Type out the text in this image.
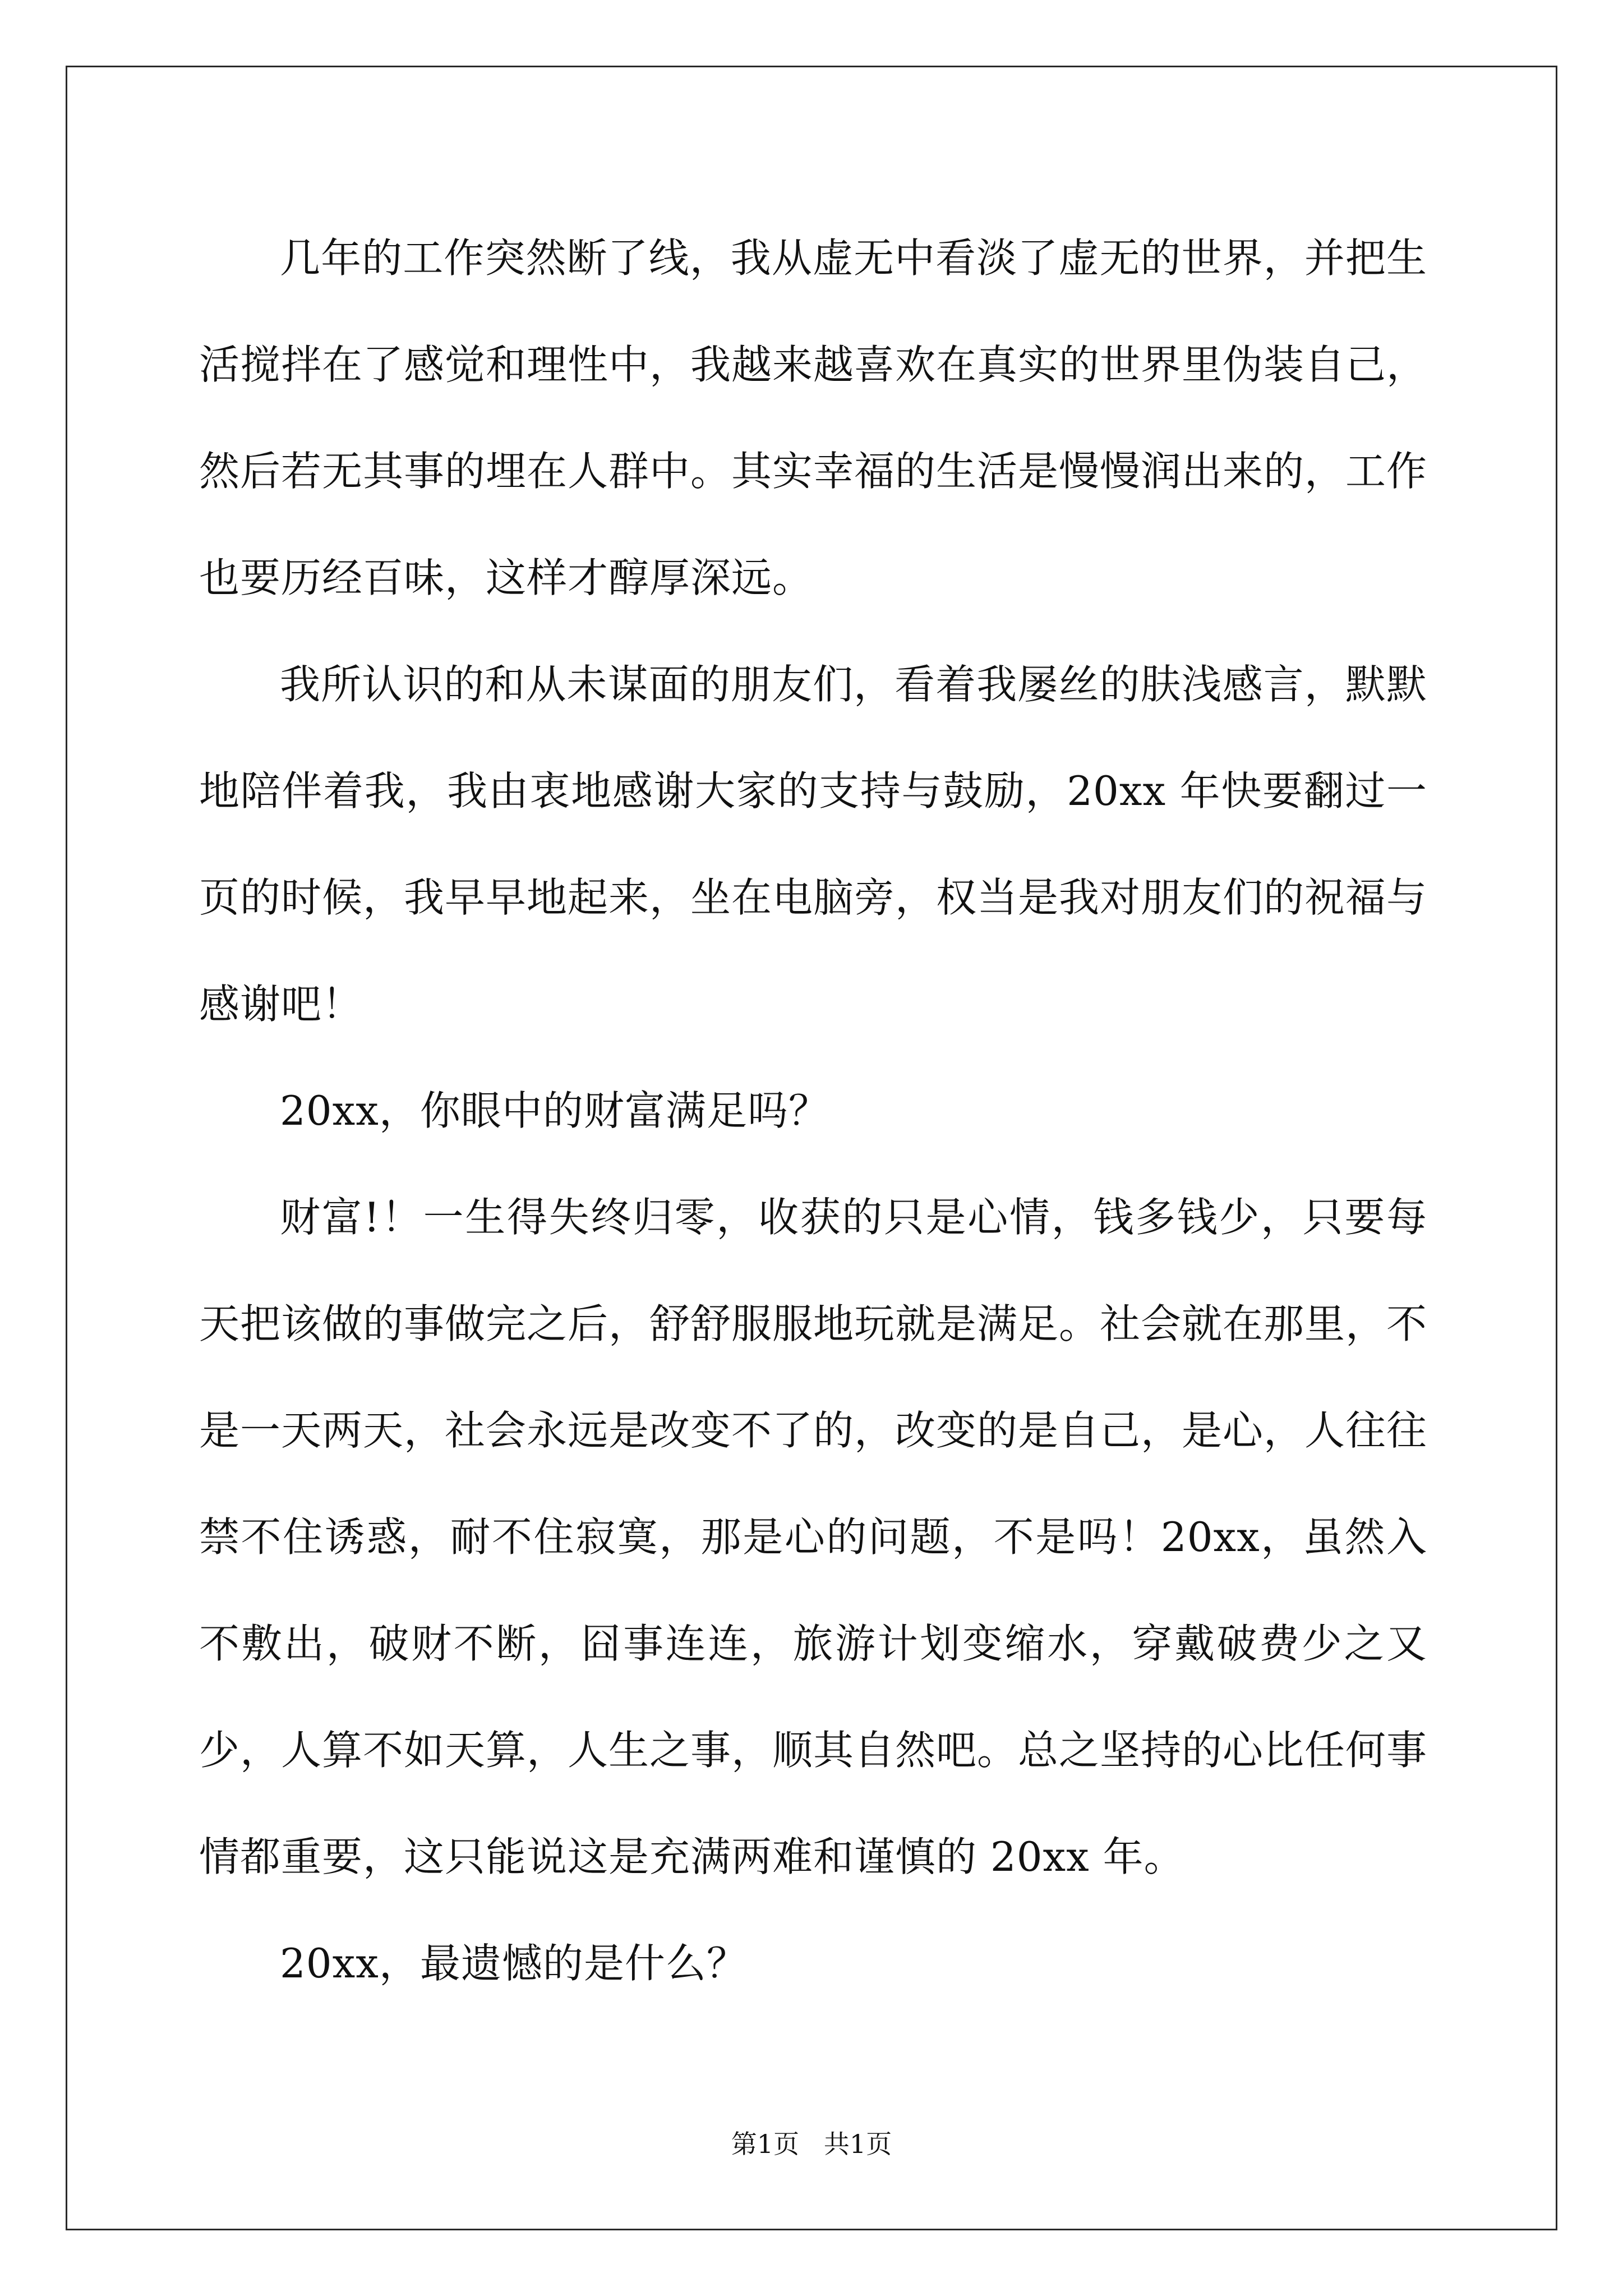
几年的工作突然断了线，我从虚无中看淡了虚无的世界，并把生活搅拌在了感觉和理性中，我越来越喜欢在真实的世界里伪装自己，然后若无其事的埋在人群中。其实幸福的生活是慢慢润出来的，工作也要历经百味，这样才醇厚深远。

我所认识的和从未谋面的朋友们，看着我屡丝的肤浅感言，默默地陪伴着我，我由衷地感谢大家的支持与鼓励，20xx 年快要翻过一页的时候，我早早地起来，坐在电脑旁，权当是我对朋友们的祝福与感谢吧！

20xx，你眼中的财富满足吗？

财富!！一生得失终归零，收获的只是心情，钱多钱少，只要每天把该做的事做完之后，舒舒服服地玩就是满足。社会就在那里，不是一天两天，社会永远是改变不了的，改变的是自己，是心，人往往禁不住诱惑，耐不住寂寞，那是心的问题，不是吗！20xx，虽然入不敷出，破财不断，囧事连连，旅游计划变缩水，穿戴破费少之又少，人算不如天算，人生之事，顺其自然吧。总之坚持的心比任何事情都重要，这只能说这是充满两难和谨慎的 20xx 年。

20xx，最遗憾的是什么？

第1页   共1页
